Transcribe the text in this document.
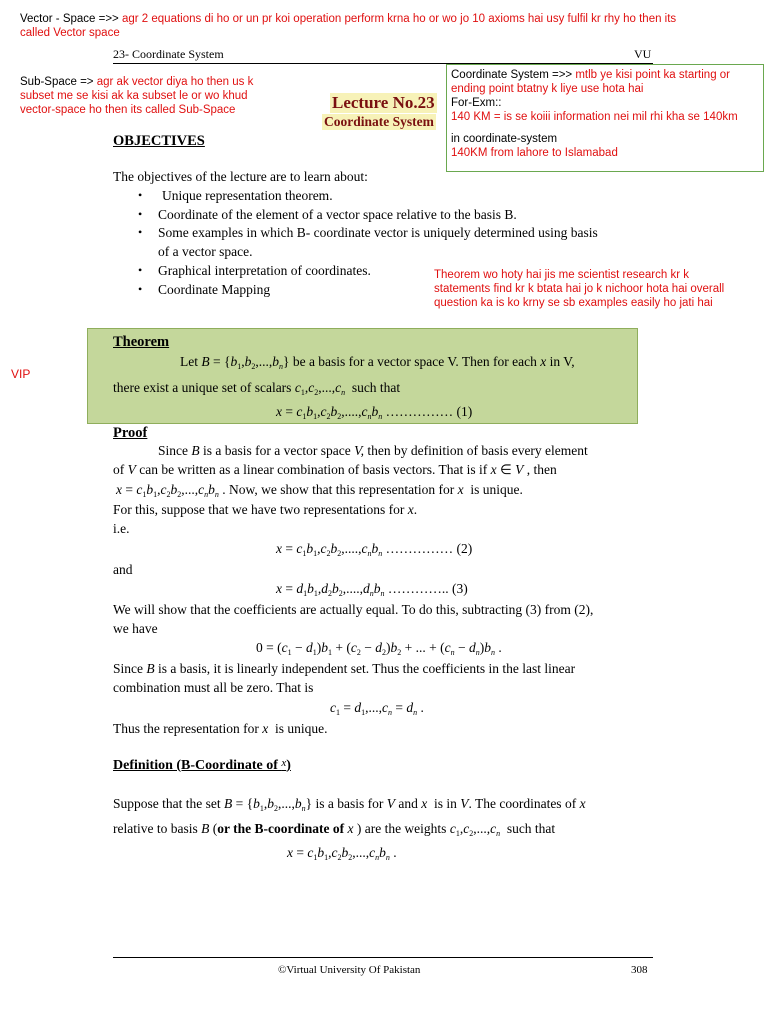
Vector - Space =>> agr 2 equations di ho or un pr koi operation perform krna ho or wo jo 10 axioms hai usy fulfil kr rhy ho then its
called Vector space
23- Coordinate System	VU
Sub-Space => agr ak vector diya ho then us k
subset me se kisi ak ka subset le or wo khud
vector-space ho then its called Sub-Space	Lecture No.23
Coordinate System
Coordinate System =>> mtlb ye kisi point ka starting or
ending point btatny k liye use hota hai
For-Exm::
140 KM = is se koiii information nei mil rhi kha se 140km
in coordinate-system
140KM from lahore to Islamabad
OBJECTIVES
The objectives of the lecture are to learn about:
• Unique representation theorem.
• Coordinate of the element of a vector space relative to the basis B.
• Some examples in which B- coordinate vector is uniquely determined using basis
of a vector space.
• Graphical interpretation of coordinates.
• Coordinate Mapping
Theorem wo hoty hai jis me scientist research kr k
statements find kr k btata hai jo k nichoor hota hai overall
question ka is ko krny se sb examples easily ho jati hai
VIP
Theorem
Let $B = \{b_1,b_2,...,b_n\}$ be a basis for a vector space V. Then for each x in V,
there exist a unique set of scalars $c_1,c_2,...,c_n$  such that
$x = c_1b_1,c_2b_2,....,c_nb_n$ …………… (1)
Proof
Since B is a basis for a vector space V, then by definition of basis every element
of V can be written as a linear combination of basis vectors. That is if x ∈ V , then
$x = c_1b_1,c_2b_2,...,c_nb_n$ . Now, we show that this representation for x  is unique.
For this, suppose that we have two representations for x.
i.e.
$x = c_1b_1,c_2b_2,....,c_nb_n$ …………… (2)
and
$x = d_1b_1,d_2b_2,....,d_nb_n$ ………….. (3)
We will show that the coefficients are actually equal. To do this, subtracting (3) from (2),
we have
$0 = (c_1 - d_1)b_1 + (c_2 - d_2)b_2$ + ... + $(c_n - d_n)b_n$ .
Since B is a basis, it is linearly independent set. Thus the coefficients in the last linear
combination must all be zero. That is
$c_1 = d_1,...,c_n = d_n$ .
Thus the representation for x  is unique.
Definition (B-Coordinate of $^x$)
Suppose that the set $B = \{b_1,b_2,...,b_n\}$ is a basis for V and x  is in V. The coordinates of x
relative to basis B (or the B-coordinate of x ) are the weights $c_1,c_2,...,c_n$  such that
$x = c_1b_1,c_2b_2,...,c_nb_n$ .
©Virtual University Of Pakistan	308
